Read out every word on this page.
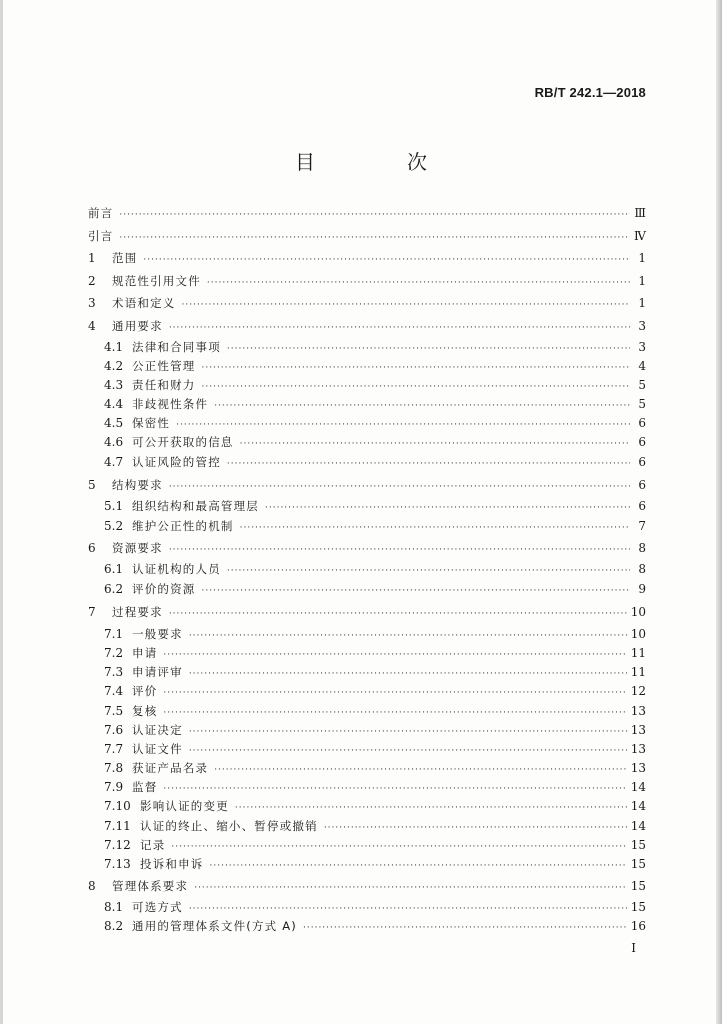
RB/T 242.1—2018
目　次
前言 ·····	Ⅲ
引言 ·····	Ⅳ
1	范围 ·····	1
2	规范性引用文件 ·····	1
3	术语和定义 ·····	1
4	通用要求 ·····	3
4.1 法律和合同事项 ·····	3
4.2 公正性管理 ·····	4
4.3 责任和财力 ·····	5
4.4 非歧视性条件 ·····	5
4.5 保密性 ·····	6
4.6 可公开获取的信息 ·····	6
4.7 认证风险的管控 ·····	6
5	结构要求 ·····	6
5.1 组织结构和最高管理层 ·····	6
5.2 维护公正性的机制 ·····	7
6	资源要求 ·····	8
6.1 认证机构的人员 ·····	8
6.2 评价的资源 ·····	9
7	过程要求 ·····	10
7.1 一般要求 ·····	10
7.2 申请 ·····	11
7.3 申请评审 ·····	11
7.4 评价 ·····	12
7.5 复核 ·····	13
7.6 认证决定 ·····	13
7.7 认证文件 ·····	13
7.8 获证产品名录 ·····	13
7.9 监督 ·····	14
7.10 影响认证的变更 ·····	14
7.11 认证的终止、缩小、暂停或撤销 ·····	14
7.12 记录 ·····	15
7.13 投诉和申诉 ·····	15
8	管理体系要求 ·····	15
8.1 可选方式 ·····	15
8.2 通用的管理体系文件(方式 A) ·····	16
I
